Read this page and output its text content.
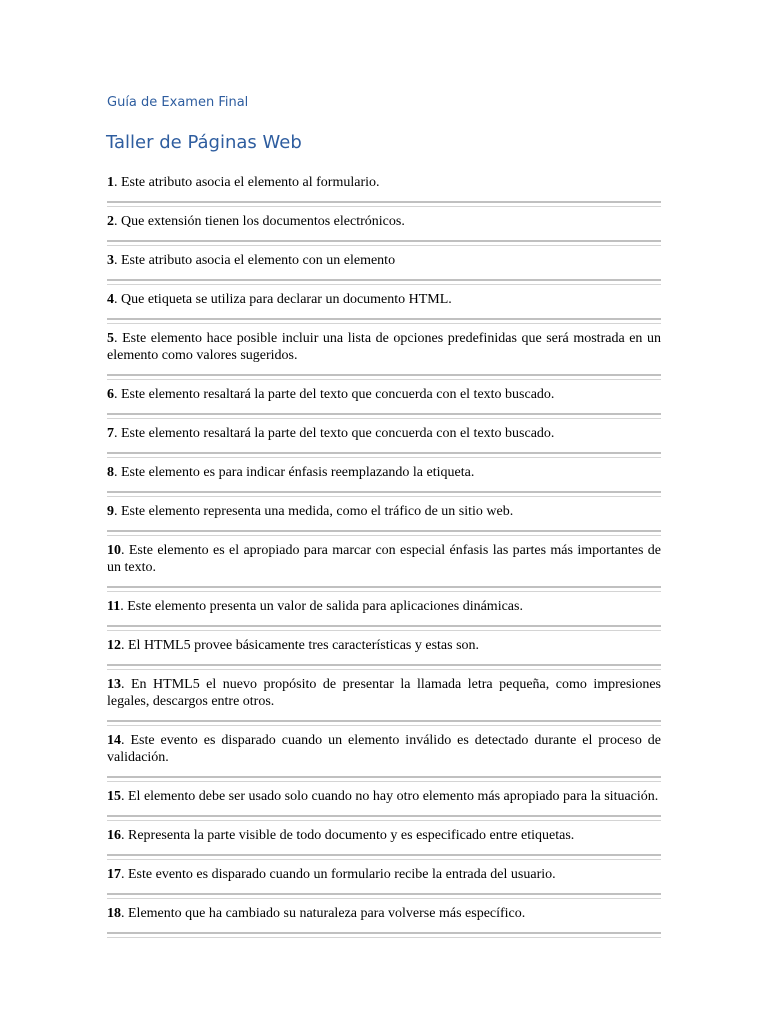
Guía de Examen Final
Taller de Páginas Web
1. Este atributo asocia el elemento al formulario.
2. Que extensión tienen los documentos electrónicos.
3. Este atributo asocia el elemento con un elemento
4. Que etiqueta se utiliza para declarar un documento HTML.
5. Este elemento hace posible incluir una lista de opciones predefinidas que será mostrada en un elemento como valores sugeridos.
6. Este elemento resaltará la parte del texto que concuerda con el texto buscado.
7. Este elemento resaltará la parte del texto que concuerda con el texto buscado.
8. Este elemento es para indicar énfasis reemplazando la etiqueta.
9. Este elemento representa una medida, como el tráfico de un sitio web.
10. Este elemento es el apropiado para marcar con especial énfasis las partes más importantes de un texto.
11. Este elemento presenta un valor de salida para aplicaciones dinámicas.
12. El HTML5 provee básicamente tres características y estas son.
13. En HTML5 el nuevo propósito de presentar la llamada letra pequeña, como impresiones legales, descargos entre otros.
14. Este evento es disparado cuando un elemento inválido es detectado durante el proceso de validación.
15. El elemento debe ser usado solo cuando no hay otro elemento más apropiado para la situación.
16. Representa la parte visible de todo documento y es especificado entre etiquetas.
17. Este evento es disparado cuando un formulario recibe la entrada del usuario.
18. Elemento que ha cambiado su naturaleza para volverse más específico.
